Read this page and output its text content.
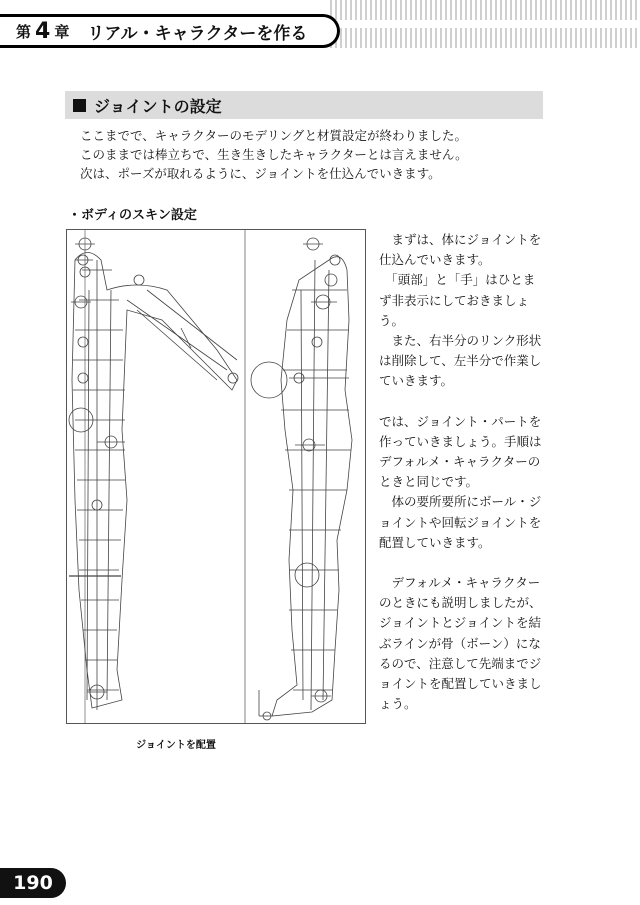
第 4 章 リアル・キャラクターを作る
ジョイントの設定

ここまでで、キャラクターのモデリングと材質設定が終わりました。

このままでは棒立ちで、生き生きしたキャラクターとは言えません。

次は、ポーズが取れるように、ジョイントを仕込んでいきます。

・ボディのスキン設定
ジョイントを配置

　まずは、体にジョイントを仕込んでいきます。

　「頭部」と「手」はひとまず非表示にしておきましょう。

　また、右半分のリンク形状は削除して、左半分で作業していきます。

では、ジョイント・パートを作っていきましょう。手順はデフォルメ・キャラクターのときと同じです。

　体の要所要所にボール・ジョイントや回転ジョイントを配置していきます。

　デフォルメ・キャラクターのときにも説明しましたが、ジョイントとジョイントを結ぶラインが骨（ボーン）になるので、注意して先端までジョイントを配置していきましょう。

190
